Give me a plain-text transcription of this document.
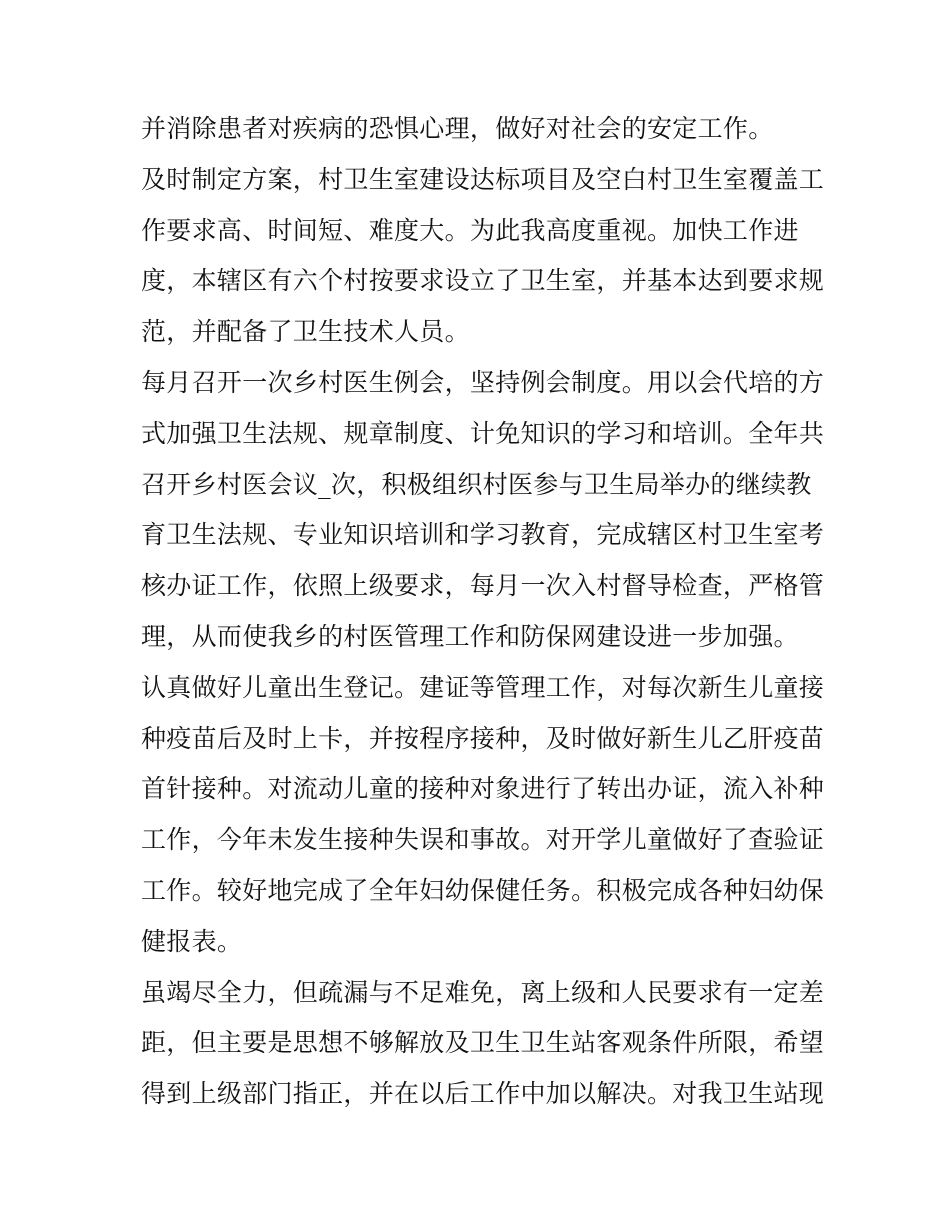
并消除患者对疾病的恐惧心理，做好对社会的安定工作。
及时制定方案，村卫生室建设达标项目及空白村卫生室覆盖工
作要求高、时间短、难度大。为此我高度重视。加快工作进
度，本辖区有六个村按要求设立了卫生室，并基本达到要求规
范，并配备了卫生技术人员。
每月召开一次乡村医生例会，坚持例会制度。用以会代培的方
式加强卫生法规、规章制度、计免知识的学习和培训。全年共
召开乡村医会议_次，积极组织村医参与卫生局举办的继续教
育卫生法规、专业知识培训和学习教育，完成辖区村卫生室考
核办证工作，依照上级要求，每月一次入村督导检查，严格管
理，从而使我乡的村医管理工作和防保网建设进一步加强。
认真做好儿童出生登记。建证等管理工作，对每次新生儿童接
种疫苗后及时上卡，并按程序接种，及时做好新生儿乙肝疫苗
首针接种。对流动儿童的接种对象进行了转出办证，流入补种
工作，今年未发生接种失误和事故。对开学儿童做好了查验证
工作。较好地完成了全年妇幼保健任务。积极完成各种妇幼保
健报表。
虽竭尽全力，但疏漏与不足难免，离上级和人民要求有一定差
距，但主要是思想不够解放及卫生卫生站客观条件所限，希望
得到上级部门指正，并在以后工作中加以解决。对我卫生站现
